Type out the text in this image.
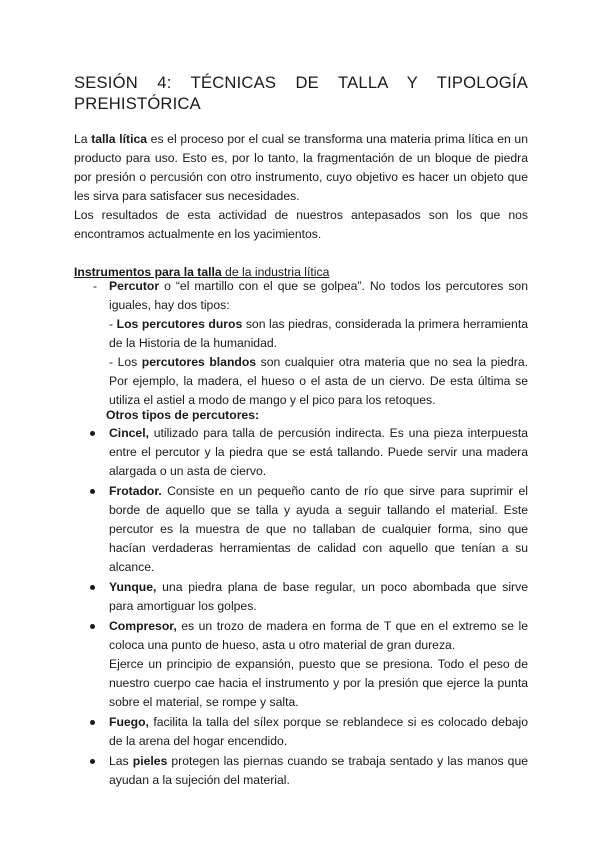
SESIÓN 4: TÉCNICAS DE TALLA Y TIPOLOGÍA
PREHISTÓRICA
La talla lítica es el proceso por el cual se transforma una materia prima lítica en un producto para uso. Esto es, por lo tanto, la fragmentación de un bloque de piedra por presión o percusión con otro instrumento, cuyo objetivo es hacer un objeto que les sirva para satisfacer sus necesidades.
Los resultados de esta actividad de nuestros antepasados son los que nos encontramos actualmente en los yacimientos.
Instrumentos para la talla de la industria lítica
- Percutor o “el martillo con el que se golpea”. No todos los percutores son iguales, hay dos tipos:
- Los percutores duros son las piedras, considerada la primera herramienta de la Historia de la humanidad.
- Los percutores blandos son cualquier otra materia que no sea la piedra. Por ejemplo, la madera, el hueso o el asta de un ciervo. De esta última se utiliza el astiel a modo de mango y el pico para los retoques.
Otros tipos de percutores:
Cincel, utilizado para talla de percusión indirecta. Es una pieza interpuesta entre el percutor y la piedra que se está tallando. Puede servir una madera alargada o un asta de ciervo.
Frotador. Consiste en un pequeño canto de río que sirve para suprimir el borde de aquello que se talla y ayuda a seguir tallando el material. Este percutor es la muestra de que no tallaban de cualquier forma, sino que hacían verdaderas herramientas de calidad con aquello que tenían a su alcance.
Yunque, una piedra plana de base regular, un poco abombada que sirve para amortiguar los golpes.
Compresor, es un trozo de madera en forma de T que en el extremo se le coloca una punto de hueso, asta u otro material de gran dureza.
Ejerce un principio de expansión, puesto que se presiona. Todo el peso de nuestro cuerpo cae hacia el instrumento y por la presión que ejerce la punta sobre el material, se rompe y salta.
Fuego, facilita la talla del sílex porque se reblandece si es colocado debajo de la arena del hogar encendido.
Las pieles protegen las piernas cuando se trabaja sentado y las manos que ayudan a la sujeción del material.
